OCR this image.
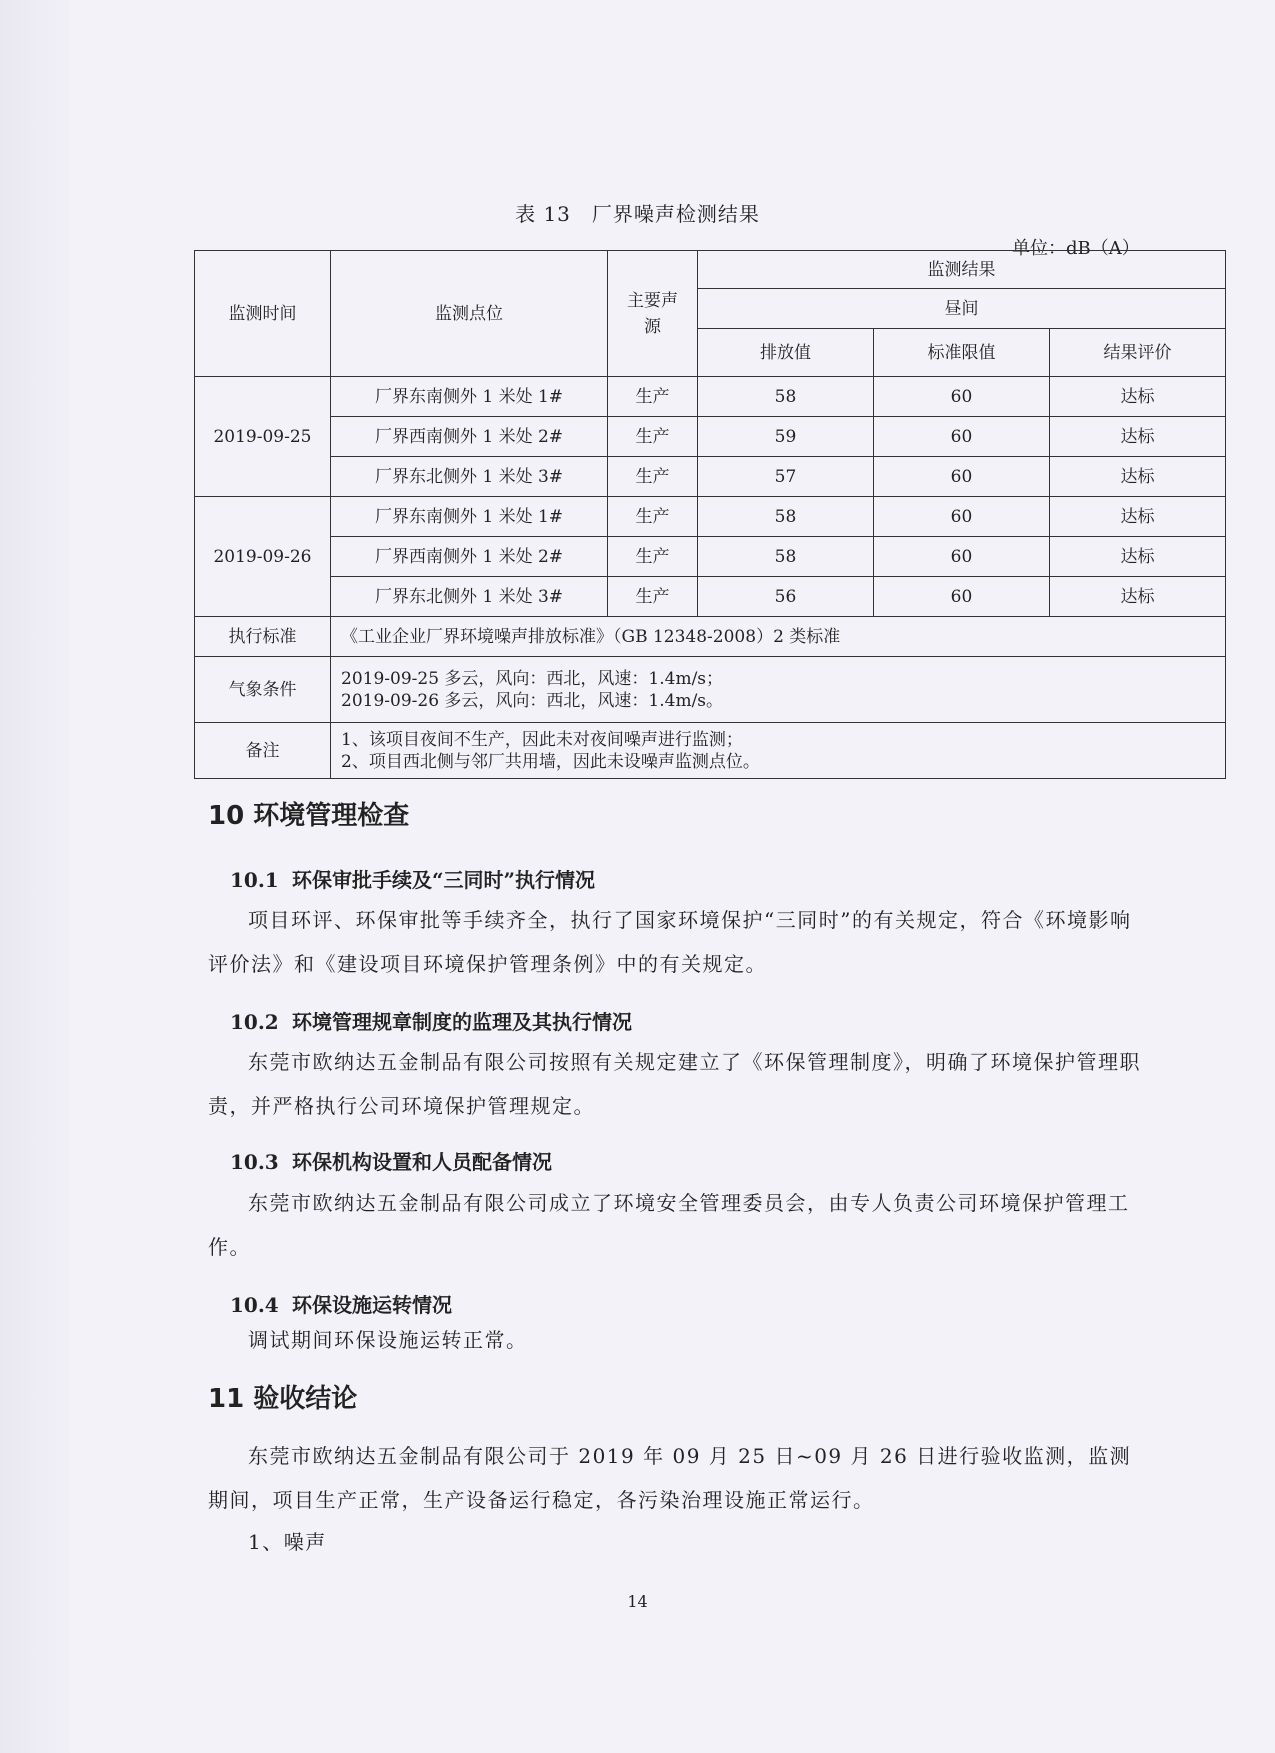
表 13　厂界噪声检测结果
单位：dB（A）
监测时间	监测点位	主要声源	监测结果		
			昼间		
			排放值	标准限值	结果评价
2019-09-25	厂界东南侧外 1 米处 1#	生产	58	60	达标
	厂界西南侧外 1 米处 2#	生产	59	60	达标
	厂界东北侧外 1 米处 3#	生产	57	60	达标
2019-09-26	厂界东南侧外 1 米处 1#	生产	58	60	达标
	厂界西南侧外 1 米处 2#	生产	58	60	达标
	厂界东北侧外 1 米处 3#	生产	56	60	达标
执行标准	《工业企业厂界环境噪声排放标准》（GB 12348-2008）2 类标准				
气象条件	2019-09-25 多云，风向：西北，风速：1.4m/s；
2019-09-26 多云，风向：西北，风速：1.4m/s。				

备注	1、该项目夜间不生产，因此未对夜间噪声进行监测；
2、项目西北侧与邻厂共用墙，因此未设噪声监测点位。				
10 环境管理检查
10.1 环保审批手续及“三同时”执行情况

项目环评、环保审批等手续齐全，执行了国家环境保护“三同时”的有关规定，符合《环境影响评价法》和《建设项目环境保护管理条例》中的有关规定。

10.2 环境管理规章制度的监理及其执行情况

东莞市欧纳达五金制品有限公司按照有关规定建立了《环保管理制度》，明确了环境保护管理职责，并严格执行公司环境保护管理规定。

10.3 环保机构设置和人员配备情况

东莞市欧纳达五金制品有限公司成立了环境安全管理委员会，由专人负责公司环境保护管理工作。

10.4 环保设施运转情况

调试期间环保设施运转正常。

11 验收结论

东莞市欧纳达五金制品有限公司于 2019 年 09 月 25 日~09 月 26 日进行验收监测，监测期间，项目生产正常，生产设备运行稳定，各污染治理设施正常运行。

1、噪声

14
